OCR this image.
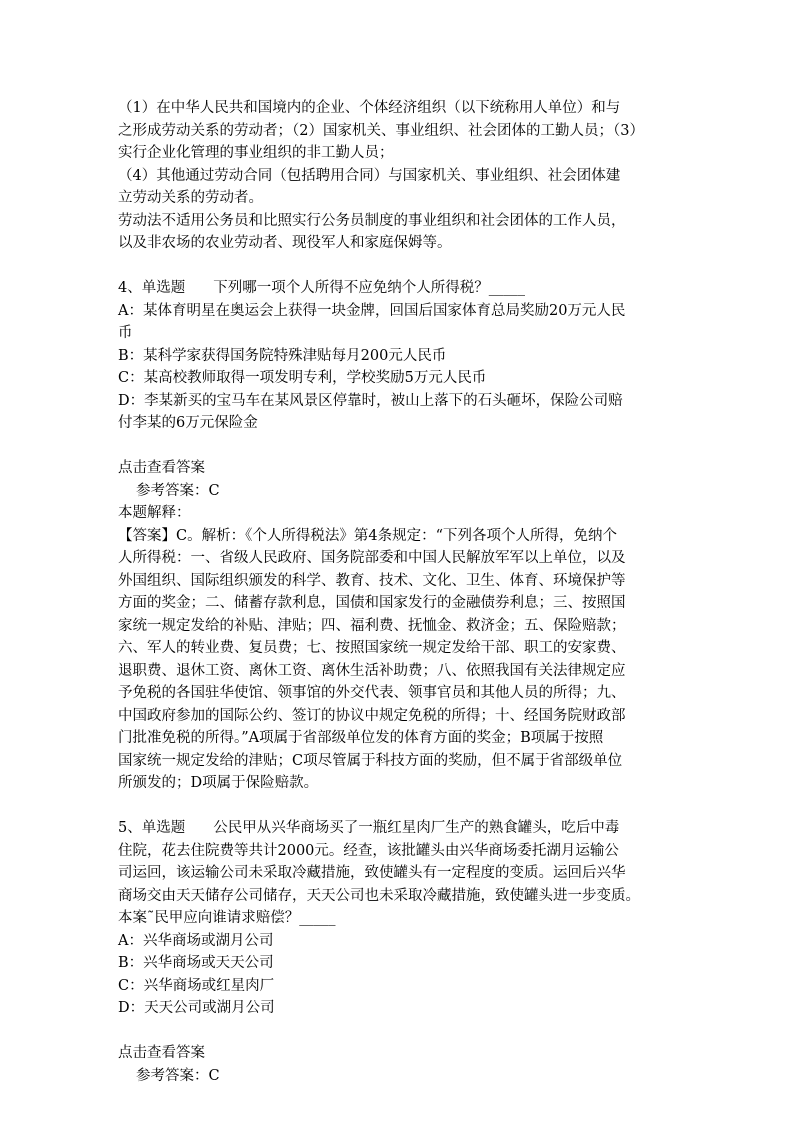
（1）在中华人民共和国境内的企业、个体经济组织（以下统称用人单位）和与
之形成劳动关系的劳动者；（2）国家机关、事业组织、社会团体的工勤人员；（3）
实行企业化管理的事业组织的非工勤人员；
（4）其他通过劳动合同（包括聘用合同）与国家机关、事业组织、社会团体建
立劳动关系的劳动者。
劳动法不适用公务员和比照实行公务员制度的事业组织和社会团体的工作人员，
以及非农场的农业劳动者、现役军人和家庭保姆等。
4、单选题 下列哪一项个人所得不应免纳个人所得税？_____
A：某体育明星在奥运会上获得一块金牌，回国后国家体育总局奖励20万元人民
币
B：某科学家获得国务院特殊津贴每月200元人民币
C：某高校教师取得一项发明专利，学校奖励5万元人民币
D：李某新买的宝马车在某风景区停靠时，被山上落下的石头砸坏，保险公司赔
付李某的6万元保险金
点击查看答案
参考答案：C
本题解释：
【答案】C。解析：《个人所得税法》第4条规定：“下列各项个人所得，免纳个
人所得税：一、省级人民政府、国务院部委和中国人民解放军军以上单位，以及
外国组织、国际组织颁发的科学、教育、技术、文化、卫生、体育、环境保护等
方面的奖金；二、储蓄存款利息，国债和国家发行的金融债券利息；三、按照国
家统一规定发给的补贴、津贴；四、福利费、抚恤金、救济金；五、保险赔款；
六、军人的转业费、复员费；七、按照国家统一规定发给干部、职工的安家费、
退职费、退休工资、离休工资、离休生活补助费；八、依照我国有关法律规定应
予免税的各国驻华使馆、领事馆的外交代表、领事官员和其他人员的所得；九、
中国政府参加的国际公约、签订的协议中规定免税的所得；十、经国务院财政部
门批准免税的所得。”A项属于省部级单位发的体育方面的奖金；B项属于按照
国家统一规定发给的津贴；C项尽管属于科技方面的奖励，但不属于省部级单位
所颁发的；D项属于保险赔款。
5、单选题 公民甲从兴华商场买了一瓶红星肉厂生产的熟食罐头，吃后中毒
住院，花去住院费等共计2000元。经查，该批罐头由兴华商场委托湖月运输公
司运回，该运输公司未采取冷藏措施，致使罐头有一定程度的变质。运回后兴华
商场交由天天储存公司储存，天天公司也未采取冷藏措施，致使罐头进一步变质。
本案˜民甲应向谁请求赔偿？_____
A：兴华商场或湖月公司
B：兴华商场或天天公司
C：兴华商场或红星肉厂
D：天天公司或湖月公司
点击查看答案
参考答案：C
